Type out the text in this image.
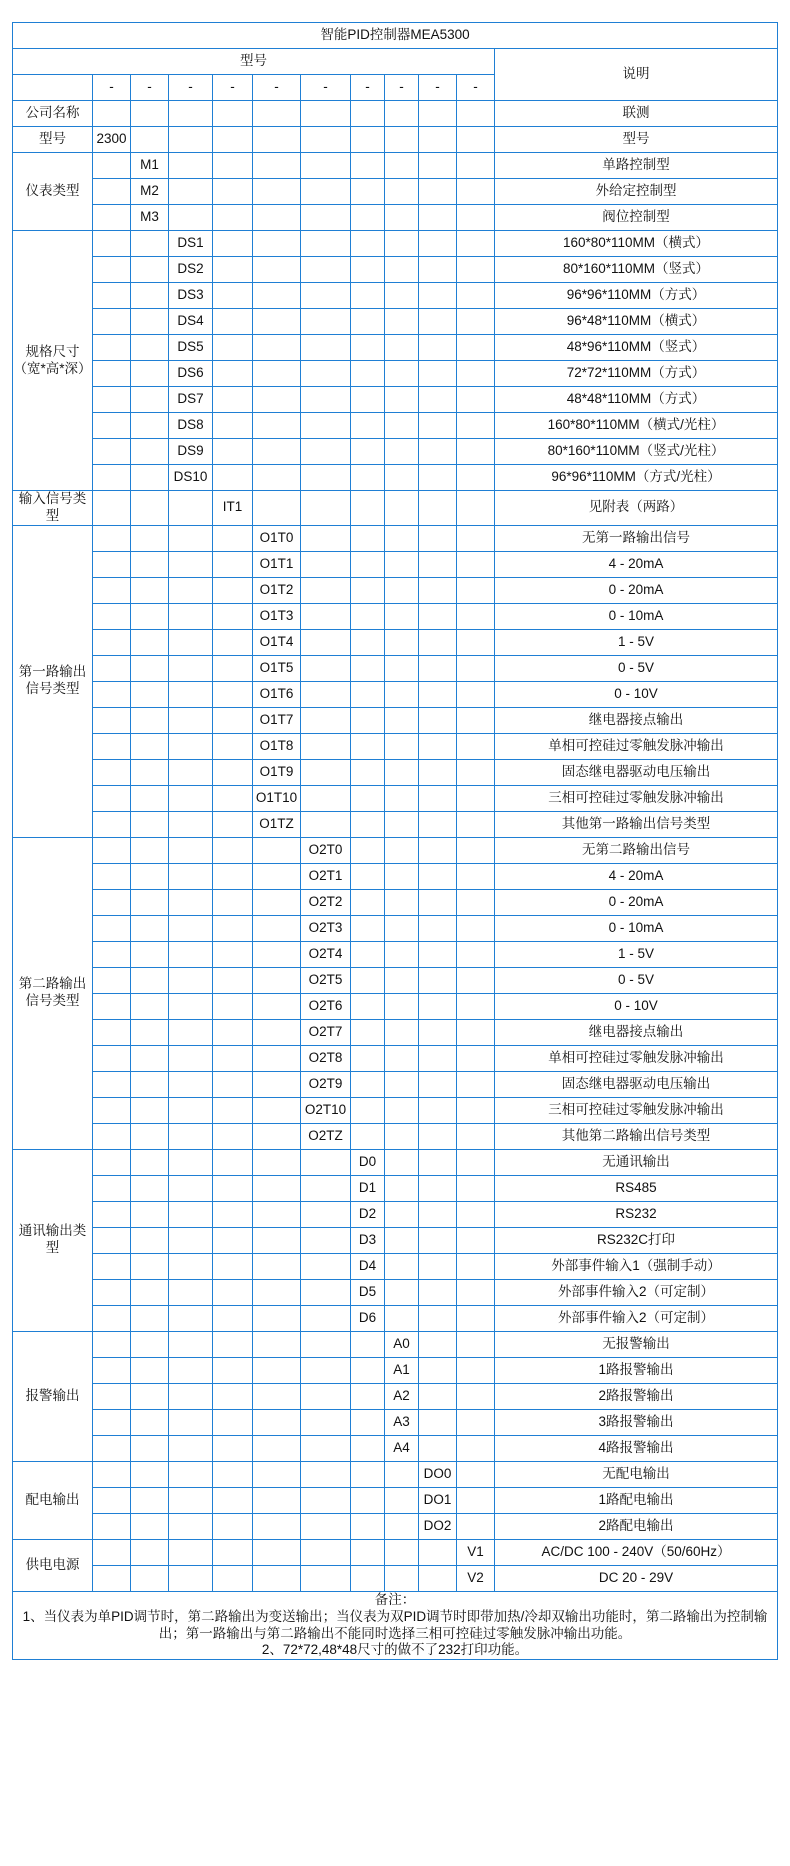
智能PID控制器MEA5300											
型号											说明
	-	-	-	-	-	-	-	-	-	-	
公司名称											联测
型号	2300										型号
仪表类型		M1									单路控制型
		M2									外给定控制型
		M3									阀位控制型
规格尺寸（宽*高*深）			DS1								160*80*110MM（横式）
			DS2								80*160*110MM（竖式）
			DS3								96*96*110MM（方式）
			DS4								96*48*110MM（横式）
			DS5								48*96*110MM（竖式）
			DS6								72*72*110MM（方式）
			DS7								48*48*110MM（方式）
			DS8								160*80*110MM（横式/光柱）
			DS9								80*160*110MM（竖式/光柱）
			DS10								96*96*110MM（方式/光柱）
输入信号类型				IT1							见附表（两路）
第一路输出信号类型					O1T0						无第一路输出信号
					O1T1						4 - 20mA
					O1T2						0 - 20mA
					O1T3						0 - 10mA
					O1T4						1 - 5V
					O1T5						0 - 5V
					O1T6						0 - 10V
					O1T7						继电器接点输出
					O1T8						单相可控硅过零触发脉冲输出
					O1T9						固态继电器驱动电压输出
					O1T10						三相可控硅过零触发脉冲输出
					O1TZ						其他第一路输出信号类型
第二路输出信号类型						O2T0					无第二路输出信号
						O2T1					4 - 20mA
						O2T2					0 - 20mA
						O2T3					0 - 10mA
						O2T4					1 - 5V
						O2T5					0 - 5V
						O2T6					0 - 10V
						O2T7					继电器接点输出
						O2T8					单相可控硅过零触发脉冲输出
						O2T9					固态继电器驱动电压输出
						O2T10					三相可控硅过零触发脉冲输出
						O2TZ					其他第二路输出信号类型
通讯输出类型							D0				无通讯输出
							D1				RS485
							D2				RS232
							D3				RS232C打印
							D4				外部事件输入1（强制手动）
							D5				外部事件输入2（可定制）
							D6				外部事件输入2（可定制）
报警输出								A0			无报警输出
								A1			1路报警输出
								A2			2路报警输出
								A3			3路报警输出
								A4			4路报警输出
配电输出									DO0		无配电输出
									DO1		1路配电输出
									DO2		2路配电输出
供电电源										V1	AC/DC 100 - 240V（50/60Hz）
										V2	DC 20 - 29V

备注：
1、当仪表为单PID调节时，第二路输出为变送输出；当仪表为双PID调节时即带加热/冷却双输出功能时，第二路输出为控制输出；第一路输出与第二路输出不能同时选择三相可控硅过零触发脉冲输出功能。
2、72*72,48*48尺寸的做不了232打印功能。											
